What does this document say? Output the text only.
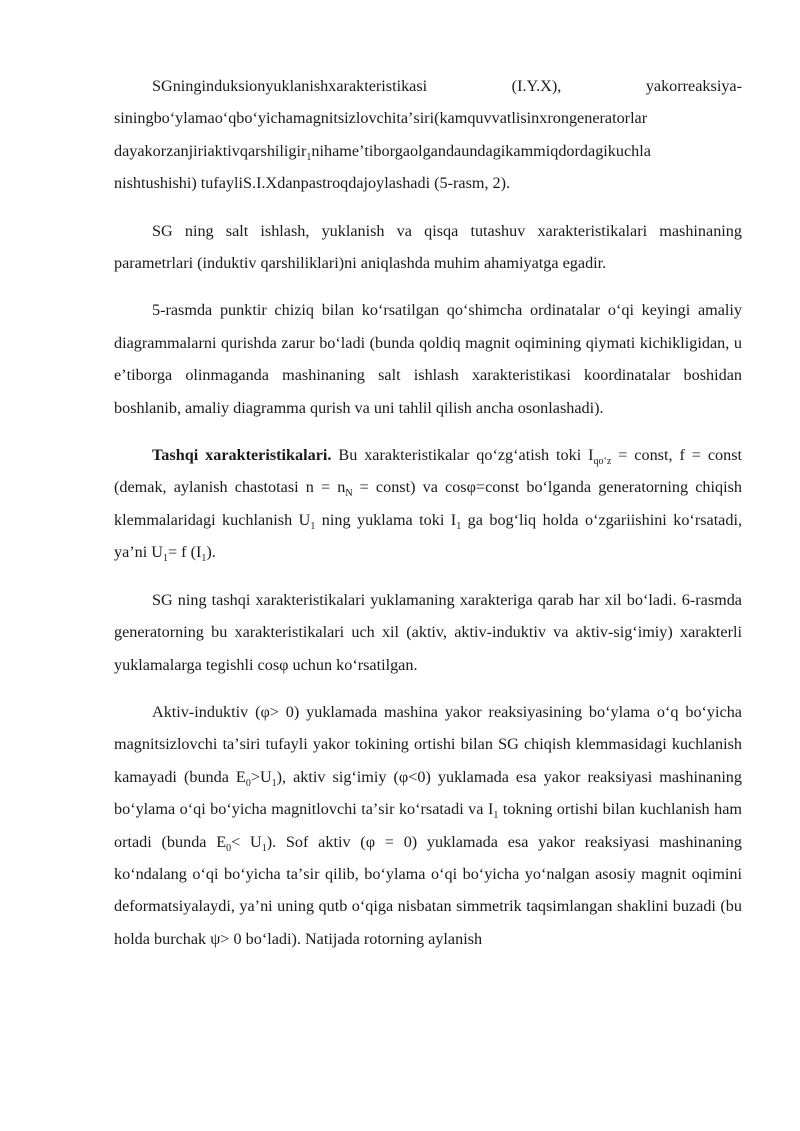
SGninginduksionyuklanishxarakteristikasi (I.Y.X), yakorreaksiya-
siningboʻylamaoʻqboʻyichamagnitsizlovchitaʼsiri(kamquvvatlisinxrongeneratorlar
dayakorzanjiriaktivqarshiligir$_1$nihameʼtiborgaolgandaundagikammiqdordagikuchla
nishtushishi) tufayliS.I.Xdanpastroqdajoylashadi (5-rasm, 2).

SG ning salt ishlash, yuklanish va qisqa tutashuv xarakteristikalari mashinaning parametrlari (induktiv qarshiliklari)ni aniqlashda muhim ahamiyatga egadir.

5-rasmda punktir chiziq bilan koʻrsatilgan qoʻshimcha ordinatalar oʻqi keyingi amaliy diagrammalarni qurishda zarur boʻladi (bunda qoldiq magnit oqimining qiymati kichikligidan, u eʼtiborga olinmaganda mashinaning salt ishlash xarakteristikasi koordinatalar boshidan boshlanib, amaliy diagramma qurish va uni tahlil qilish ancha osonlashadi).

Tashqi xarakteristikalari. Bu xarakteristikalar qoʻzgʻatish toki $I_{qoʻz}$ = const, f = const (demak, aylanish chastotasi $n = n_N$ = const) va cosφ=const boʻlganda generatorning chiqish klemmalaridagi kuchlanish $U_1$ ning yuklama toki $I_1$ ga bogʻliq holda oʻzgariishini koʻrsatadi, yaʼni $U_1= f$ $(I_1)$.

SG ning tashqi xarakteristikalari yuklamaning xarakteriga qarab har xil boʻladi. 6-rasmda generatorning bu xarakteristikalari uch xil (aktiv, aktiv-induktiv va aktiv-sigʻimiy) xarakterli yuklamalarga tegishli cosφ uchun koʻrsatilgan.

Aktiv-induktiv (φ> 0) yuklamada mashina yakor reaksiyasining boʻylama oʻq boʻyicha magnitsizlovchi taʼsiri tufayli yakor tokining ortishi bilan SG chiqish klemmasidagi kuchlanish kamayadi (bunda $E_0>U_1$), aktiv sigʻimiy (φ<0) yuklamada esa yakor reaksiyasi mashinaning boʻylama oʻqi boʻyicha magnitlovchi taʼsir koʻrsatadi va $I_1$ tokning ortishi bilan kuchlanish ham ortadi (bunda $E_0< U_1$). Sof aktiv (φ = 0) yuklamada esa yakor reaksiyasi mashinaning koʻndalang oʻqi boʻyicha taʼsir qilib, boʻylama oʻqi boʻyicha yoʻnalgan asosiy magnit oqimini deformatsiyalaydi, yaʼni uning qutb oʻqiga nisbatan simmetrik taqsimlangan shaklini buzadi (bu holda burchak ψ> 0 boʻladi). Natijada rotorning aylanish
